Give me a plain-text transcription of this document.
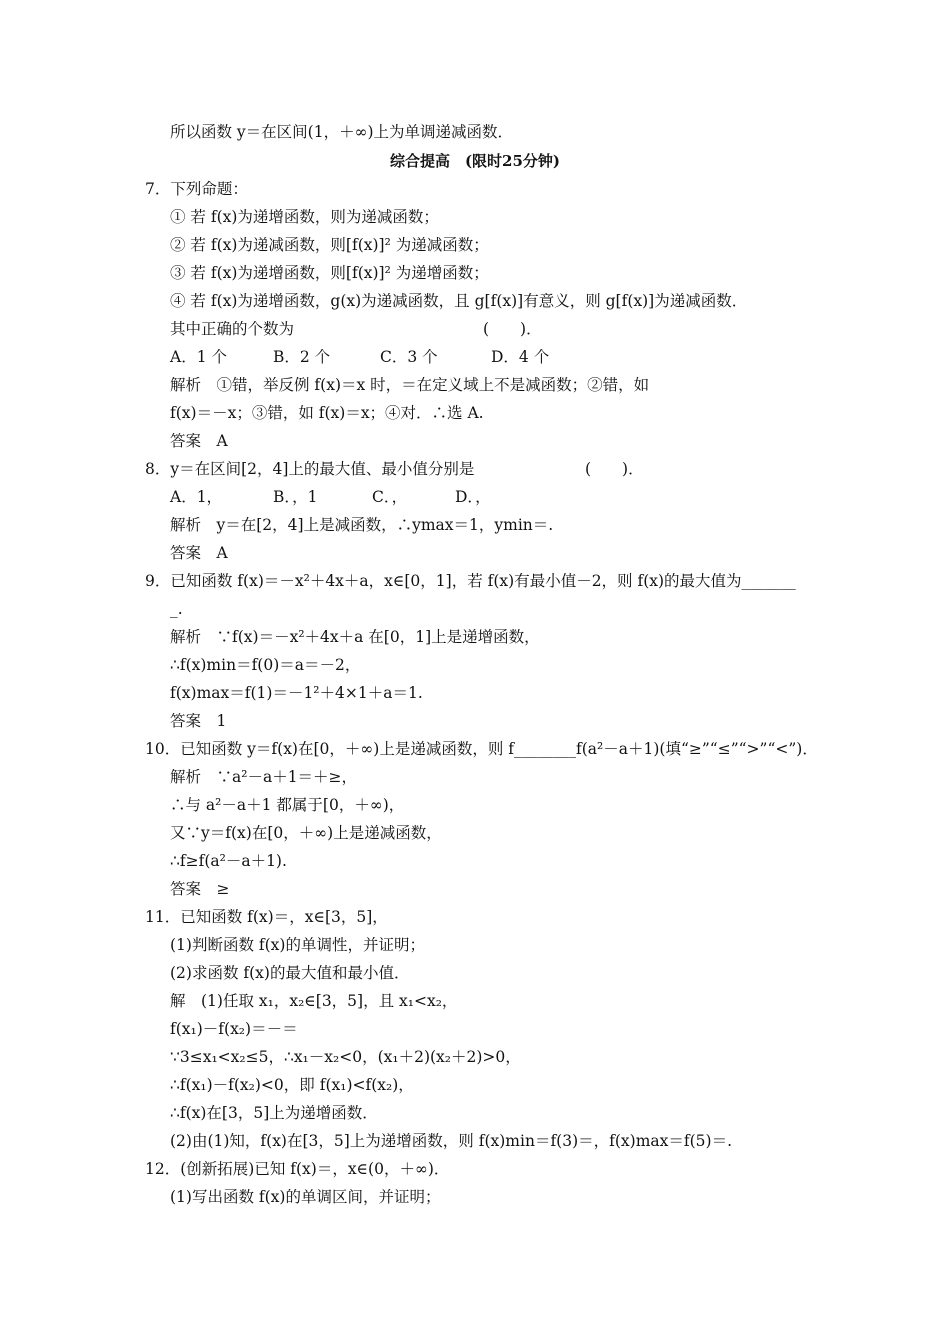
所以函数 y＝在区间(1，＋∞)上为单调递减函数．
综合提高　(限时25分钟)
7．下列命题：
① 若 f(x)为递增函数，则为递减函数；
② 若 f(x)为递减函数，则[f(x)]² 为递减函数；
③ 若 f(x)为递增函数，则[f(x)]² 为递增函数；
④ 若 f(x)为递增函数，g(x)为递减函数，且 g[f(x)]有意义，则 g[f(x)]为递减函数．
其中正确的个数为	(　　)．
A．1 个	B．2 个	C．3 个	D．4 个
解析　①错，举反例 f(x)＝x 时，＝在定义域上不是减函数；②错，如
f(x)＝－x；③错，如 f(x)＝x；④对．∴选 A.
答案　A
8．y＝在区间[2，4]上的最大值、最小值分别是	(　　)．
A．1，	B．，1	C．，	D．，
解析　y＝在[2，4]上是减函数，∴ymax＝1，ymin＝.
答案　A
9．已知函数 f(x)＝－x²＋4x＋a，x∈[0，1]，若 f(x)有最小值－2，则 f(x)的最大值为_______
_.
解析　∵f(x)＝－x²＋4x＋a 在[0，1]上是递增函数，
∴f(x)min＝f(0)＝a＝－2，
f(x)max＝f(1)＝－1²＋4×1＋a＝1.
答案　1
10．已知函数 y＝f(x)在[0，＋∞)上是递减函数，则 f________f(a²－a＋1)(填“≥”“≤”“>”“<”)．
解析　∵a²－a＋1＝＋≥，
∴与 a²－a＋1 都属于[0，＋∞)，
又∵y＝f(x)在[0，＋∞)上是递减函数，
∴f≥f(a²－a＋1).
答案　≥
11．已知函数 f(x)＝，x∈[3，5]，
(1)判断函数 f(x)的单调性，并证明；
(2)求函数 f(x)的最大值和最小值．
解　(1)任取 x₁，x₂∈[3，5]，且 x₁<x₂，
f(x₁)－f(x₂)＝－＝
∵3≤x₁<x₂≤5，∴x₁－x₂<0，(x₁＋2)(x₂＋2)>0，
∴f(x₁)－f(x₂)<0，即 f(x₁)<f(x₂)，
∴f(x)在[3，5]上为递增函数．
(2)由(1)知，f(x)在[3，5]上为递增函数，则 f(x)min＝f(3)＝，f(x)max＝f(5)＝.
12．(创新拓展)已知 f(x)＝，x∈(0，＋∞)．
(1)写出函数 f(x)的单调区间，并证明；
